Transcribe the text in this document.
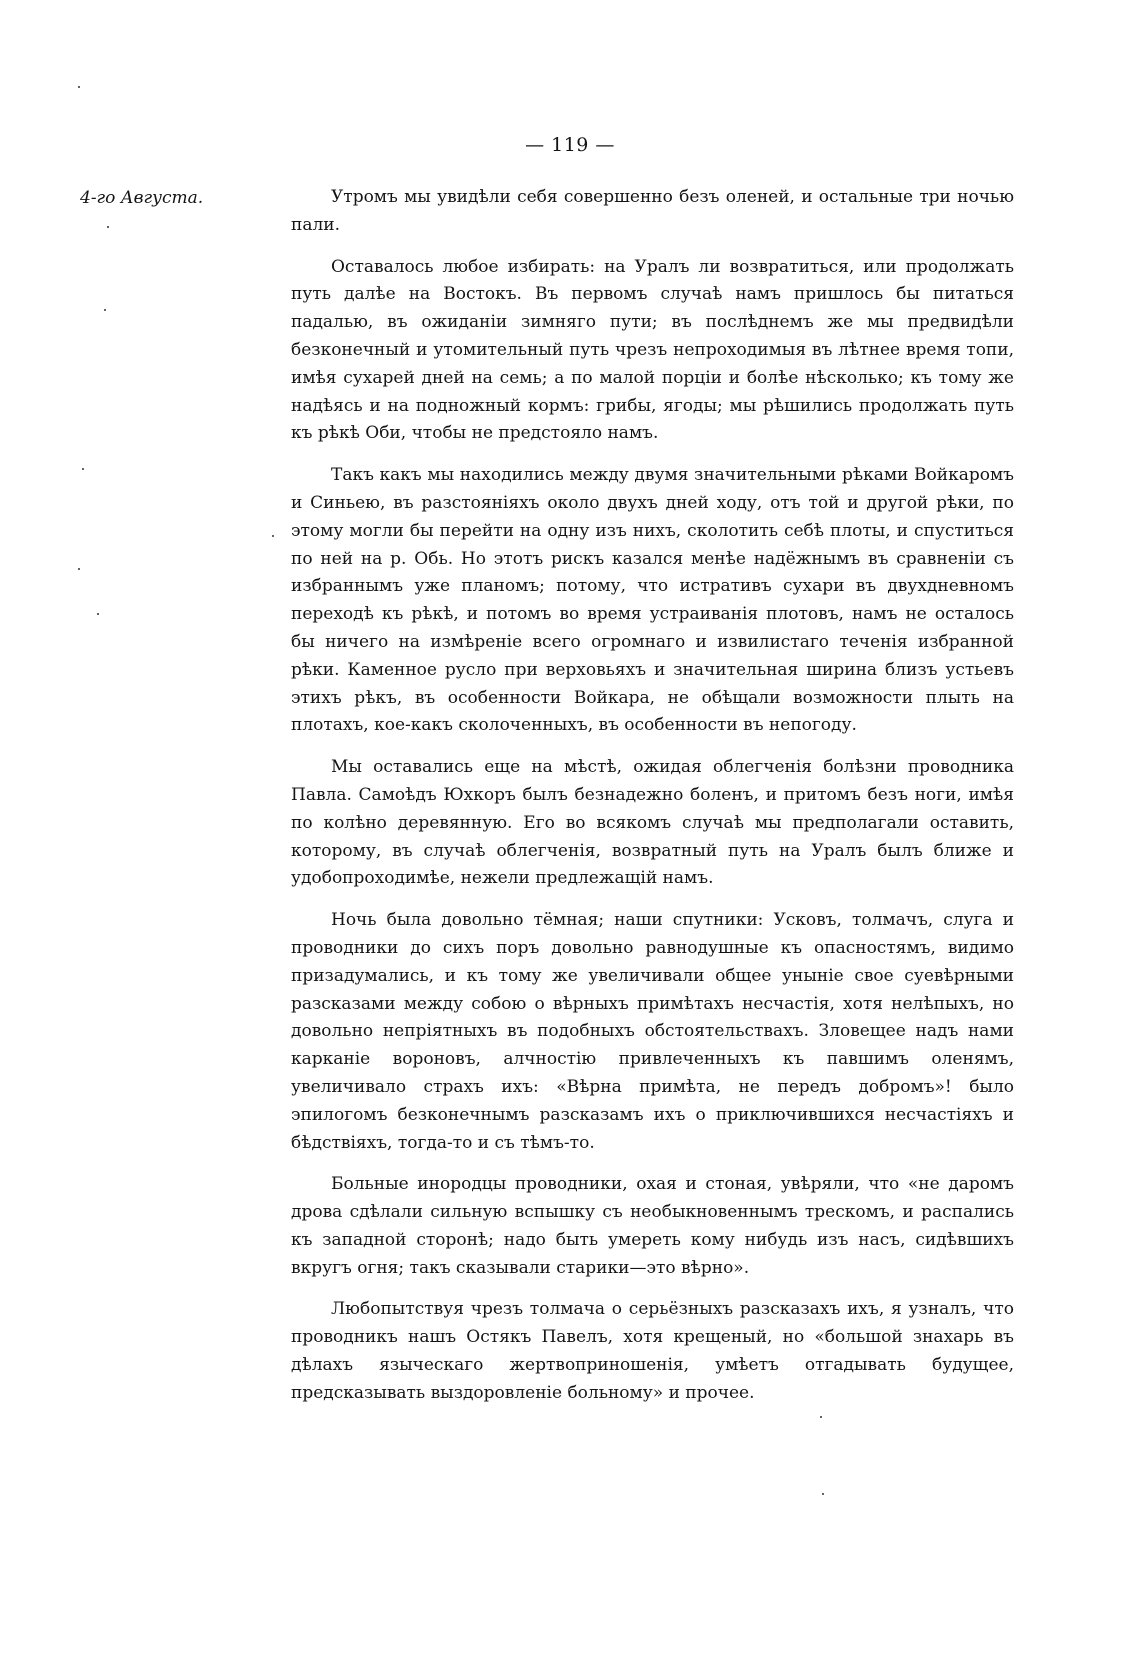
— 119 —
4-го Августа.	Утромъ мы увидѣли себя совершенно безъ оленей, и остальные три ночью пали.

Оставалось любое избирать: на Уралъ ли возвратиться, или продолжать путь далѣе на Востокъ. Въ первомъ случаѣ намъ пришлось бы питаться падалью, въ ожиданіи зимняго пути; въ послѣднемъ же мы предвидѣли безконечный и утомительный путь чрезъ непроходимыя въ лѣтнее время топи, имѣя сухарей дней на семь; а по малой порціи и болѣе нѣсколько; къ тому же надѣясь и на подножный кормъ: грибы, ягоды; мы рѣшились продолжать путь къ рѣкѣ Оби, чтобы не предстояло намъ.

Такъ какъ мы находились между двумя значительными рѣками Войкаромъ и Синьею, въ разстояніяхъ около двухъ дней ходу, отъ той и другой рѣки, по этому могли бы перейти на одну изъ нихъ, сколотить себѣ плоты, и спуститься по ней на р. Обь. Но этотъ рискъ казался менѣе надёжнымъ въ сравненіи съ избраннымъ уже планомъ; потому, что истративъ сухари въ двухдневномъ переходѣ къ рѣкѣ, и потомъ во время устраиванія плотовъ, намъ не осталось бы ничего на измѣреніе всего огромнаго и извилистаго теченія избранной рѣки. Каменное русло при верховьяхъ и значительная ширина близъ устьевъ этихъ рѣкъ, въ особенности Войкара, не обѣщали возможности плыть на плотахъ, кое-какъ сколоченныхъ, въ особенности въ непогоду.

Мы оставались еще на мѣстѣ, ожидая облегченія болѣзни проводника Павла. Самоѣдъ Юхкоръ былъ безнадежно боленъ, и притомъ безъ ноги, имѣя по колѣно деревянную. Его во всякомъ случаѣ мы предполагали оставить, которому, въ случаѣ облегченія, возвратный путь на Уралъ былъ ближе и удобопроходимѣе, нежели предлежащій намъ.

Ночь была довольно тёмная; наши спутники: Усковъ, толмачъ, слуга и проводники до сихъ поръ довольно равнодушные къ опасностямъ, видимо призадумались, и къ тому же увеличивали общее уныніе свое суевѣрными разсказами между собою о вѣрныхъ примѣтахъ несчастія, хотя нелѣпыхъ, но довольно непріятныхъ въ подобныхъ обстоятельствахъ. Зловещее надъ нами карканіе вороновъ, алчностію привлеченныхъ къ павшимъ оленямъ, увеличивало страхъ ихъ: «Вѣрна примѣта, не передъ добромъ»! было эпилогомъ безконечнымъ разсказамъ ихъ о приключившихся несчастіяхъ и бѣдствіяхъ, тогда-то и съ тѣмъ-то.

Больные инородцы проводники, охая и стоная, увѣряли, что «не даромъ дрова сдѣлали сильную вспышку съ необыкновеннымъ трескомъ, и распались къ западной сторонѣ; надо быть умереть кому нибудь изъ насъ, сидѣвшихъ вкругъ огня; такъ сказывали старики—это вѣрно».

Любопытствуя чрезъ толмача о серьёзныхъ разсказахъ ихъ, я узналъ, что проводникъ нашъ Остякъ Павелъ, хотя крещеный, но «большой знахарь въ дѣлахъ языческаго жертвоприношенія, умѣетъ отгадывать будущее, предсказывать выздоровленіе больному» и прочее.
